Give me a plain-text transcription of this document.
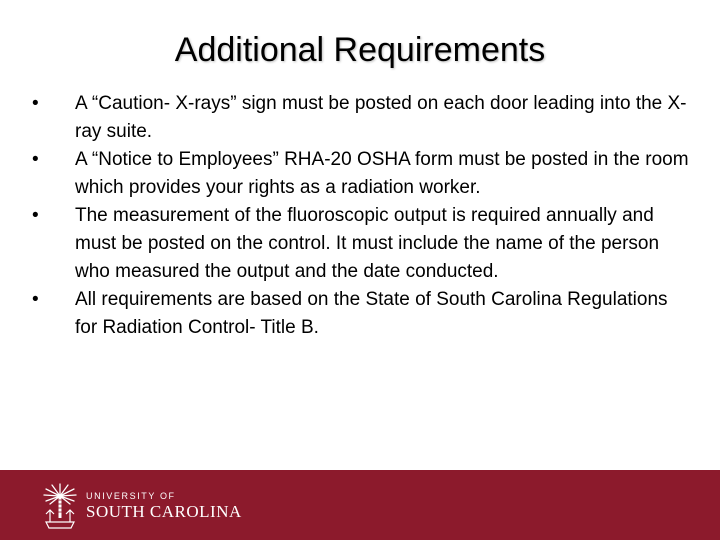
Additional Requirements
•	A “Caution- X-rays” sign must be posted on each door leading into the X-ray suite.
•	A “Notice to Employees” RHA-20 OSHA form must be posted in the room which provides your rights as a radiation worker.
•	The measurement of the fluoroscopic output is required annually and must be posted on the control. It must include the name of the person who measured the output and the date conducted.
•	All requirements are based on the State of South Carolina Regulations for Radiation Control- Title B.
UNIVERSITY OF
SOUTH CAROLINA
